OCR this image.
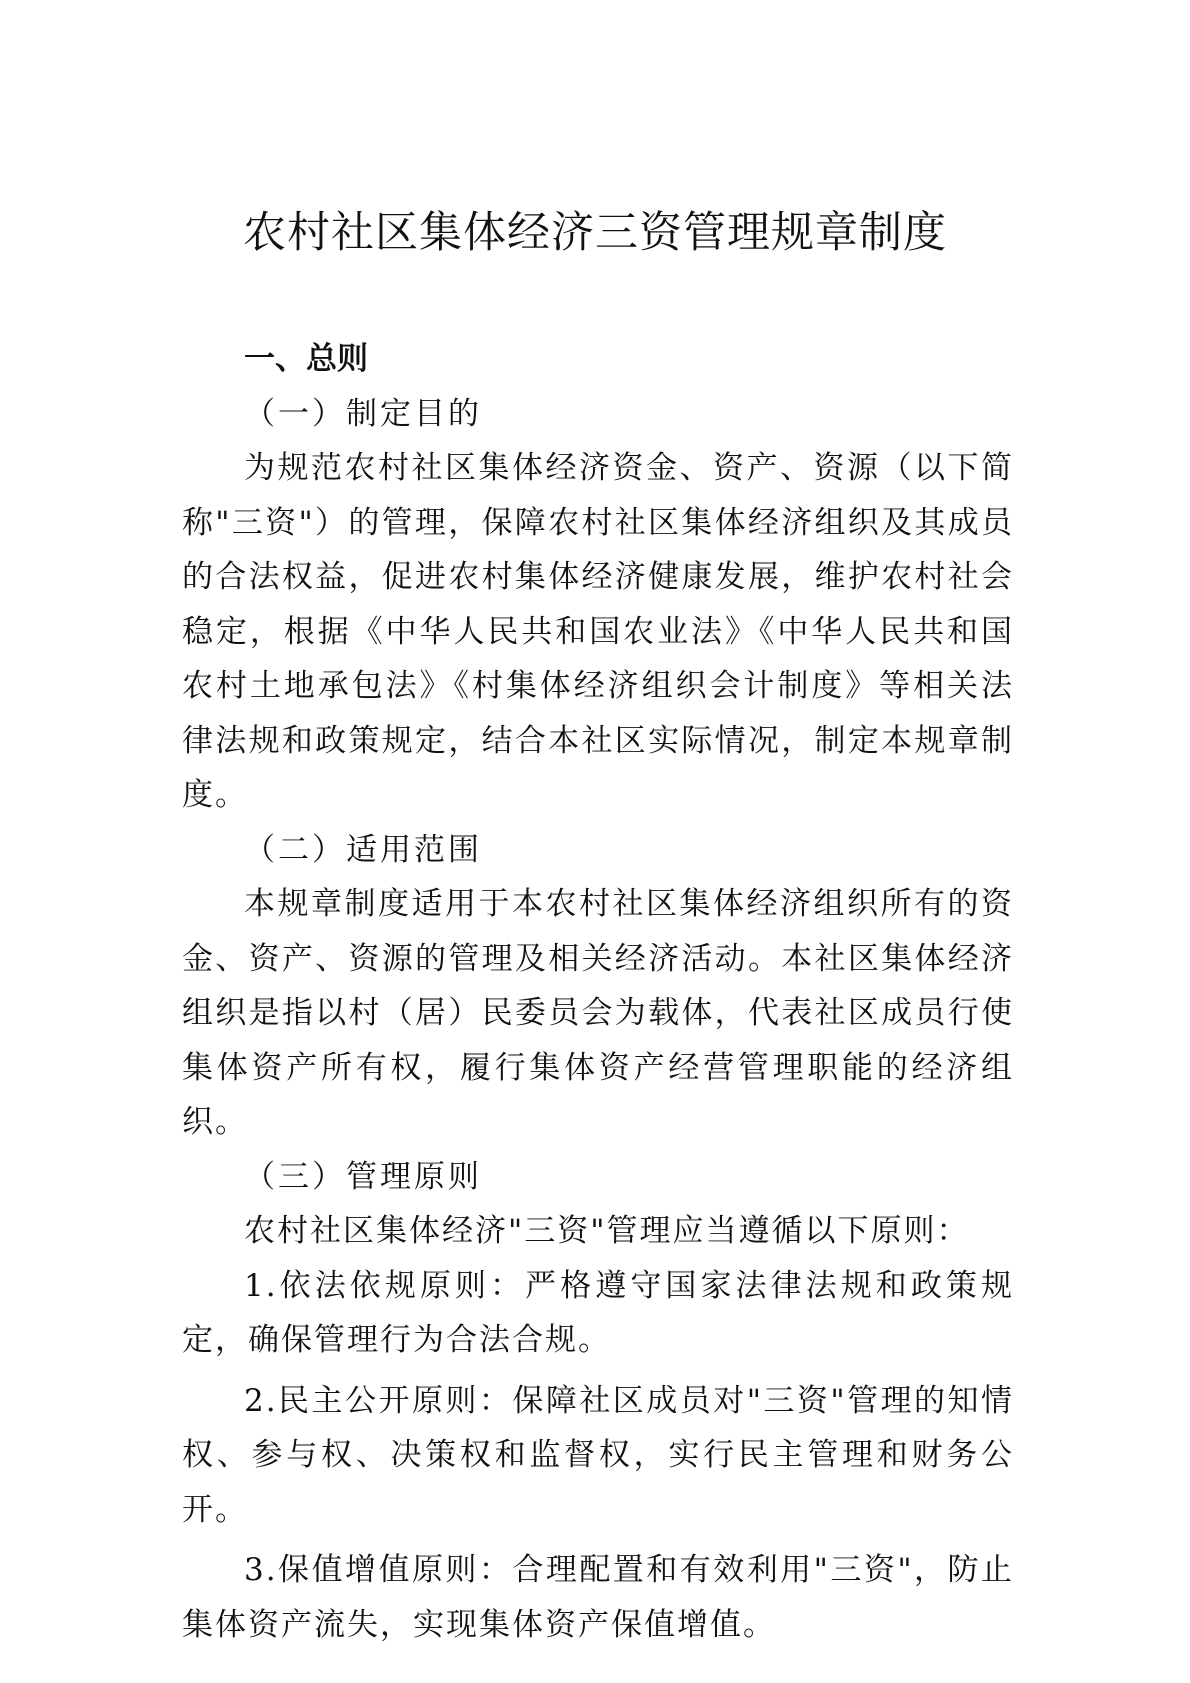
农村社区集体经济三资管理规章制度

一、总则

（一）制定目的

为规范农村社区集体经济资金、资产、资源（以下简称"三资"）的管理，保障农村社区集体经济组织及其成员的合法权益，促进农村集体经济健康发展，维护农村社会稳定，根据《中华人民共和国农业法》《中华人民共和国农村土地承包法》《村集体经济组织会计制度》等相关法律法规和政策规定，结合本社区实际情况，制定本规章制度。

（二）适用范围

本规章制度适用于本农村社区集体经济组织所有的资金、资产、资源的管理及相关经济活动。本社区集体经济组织是指以村（居）民委员会为载体，代表社区成员行使集体资产所有权，履行集体资产经营管理职能的经济组织。

（三）管理原则

农村社区集体经济"三资"管理应当遵循以下原则：

1.依法依规原则：严格遵守国家法律法规和政策规定，确保管理行为合法合规。

2.民主公开原则：保障社区成员对"三资"管理的知情权、参与权、决策权和监督权，实行民主管理和财务公开。

3.保值增值原则：合理配置和有效利用"三资"，防止集体资产流失，实现集体资产保值增值。
